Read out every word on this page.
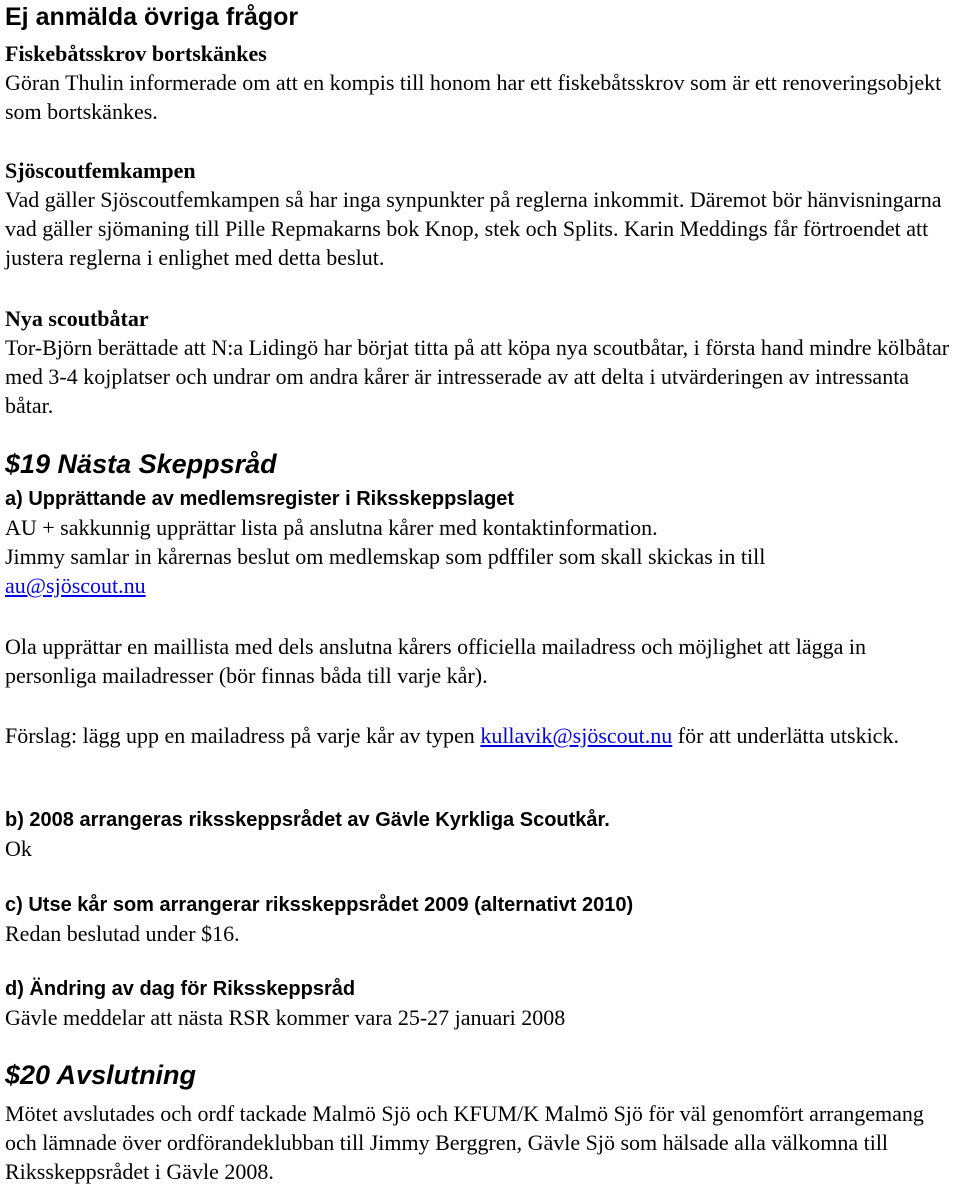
Ej anmälda övriga frågor
Fiskebåtsskrov bortskänkes

Göran Thulin informerade om att en kompis till honom har ett fiskebåtsskrov som är ett renoveringsobjekt som bortskänkes.

Sjöscoutfemkampen

Vad gäller Sjöscoutfemkampen så har inga synpunkter på reglerna inkommit. Däremot bör hänvisningarna vad gäller sjömaning till Pille Repmakarns bok Knop, stek och Splits. Karin Meddings får förtroendet att justera reglerna i enlighet med detta beslut.

Nya scoutbåtar

Tor-Björn berättade att N:a Lidingö har börjat titta på att köpa nya scoutbåtar, i första hand mindre kölbåtar med 3-4 kojplatser och undrar om andra kårer är intresserade av att delta i utvärderingen av intressanta båtar.

$19 Nästa Skeppsråd
a) Upprättande av medlemsregister i Riksskeppslaget

AU + sakkunnig upprättar lista på anslutna kårer med kontaktinformation.

Jimmy samlar in kårernas beslut om medlemskap som pdffiler som skall skickas in till

au@sjöscout.nu

Ola upprättar en maillista med dels anslutna kårers officiella mailadress och möjlighet att lägga in personliga mailadresser (bör finnas båda till varje kår).

Förslag: lägg upp en mailadress på varje kår av typen kullavik@sjöscout.nu för att underlätta utskick.

b) 2008 arrangeras riksskeppsrådet av Gävle Kyrkliga Scoutkår.

Ok

c) Utse kår som arrangerar riksskeppsrådet 2009 (alternativt 2010)

Redan beslutad under $16.

d) Ändring av dag för Riksskeppsråd

Gävle meddelar att nästa RSR kommer vara 25-27 januari 2008

$20 Avslutning

Mötet avslutades och ordf tackade Malmö Sjö och KFUM/K Malmö Sjö för väl genomfört arrangemang och lämnade över ordförandeklubban till Jimmy Berggren, Gävle Sjö som hälsade alla välkomna till Riksskeppsrådet i Gävle 2008.
